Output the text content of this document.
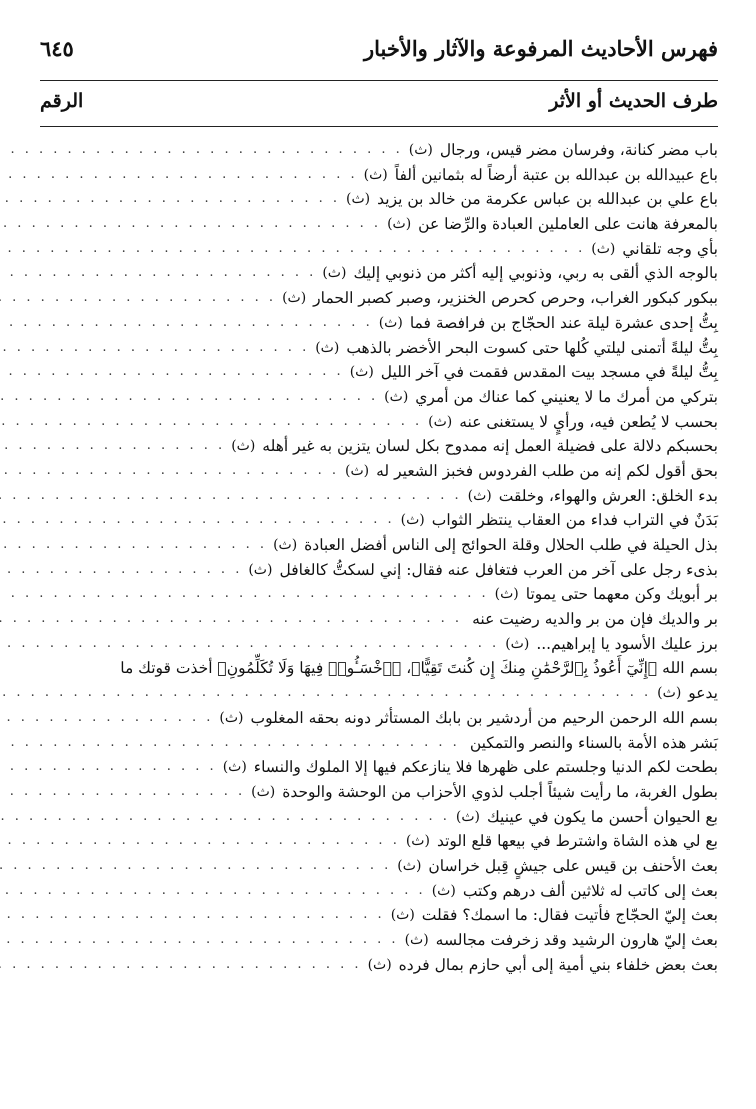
فهرس الأحاديث المرفوعة والآثار والأخبار
٦٤٥
طرف الحديث أو الأثر
الرقم
باب مضر كنانة، وفرسان مضر قيس، ورجال
(ث)
. . .
باع عبيدالله بن عبدالله بن عتبة أرضاً له بثمانين ألفاً
(ث)
. . .
باع علي بن عبدالله بن عباس عكرمة من خالد بن يزيد
(ث)
. . .
بالمعرفة هانت على العاملين العبادة والرِّضا عن
(ث)
. . .
بأي وجه تلقاني
(ث)
. . .
بالوجه الذي ألقى به ربي، وذنوبي إليه أكثر من ذنوبي إليك
(ث)
. . .
ببكور كبكور الغراب، وحرص كحرص الخنزير، وصبر كصبر الحمار
(ث)
. . .
بِتُّ إحدى عشرة ليلة عند الحجّاج بن فرافصة فما
(ث)
. . .
بِتُّ ليلةً أتمنى ليلتي كُلها حتى كسوت البحر الأخضر بالذهب
(ث)
. . .
بِتُّ ليلةً في مسجد بيت المقدس فقمت في آخر الليل
(ث)
. . .
بتركي من أمرك ما لا يعنيني كما عناك من أمري
(ث)
. . .
بحسب لا يُطعن فيه، ورأيٍ لا يستغنى عنه
(ث)
. . .
بحسبكم دلالة على فضيلة العمل إنه ممدوح بكل لسان يتزين به غير أهله
(ث)
. . .
بحق أقول لكم إنه من طلب الفردوس فخبز الشعير له
(ث)
. . .
بدء الخلق: العرش والهواء، وخلقت
(ث)
. . .
بَدَنٌ في التراب فداء من العقاب ينتظر الثواب
(ث)
. . .
بذل الحيلة في طلب الحلال وقلة الحوائج إلى الناس أفضل العبادة
(ث)
. . .
بذىء رجل على آخر من العرب فتغافل عنه فقال: إني لسكتُّ كالغافل
(ث)
. . .
بر أبويك وكن معهما حتى يموتا
(ث)
. . .
بر والديك فإن من بر والديه رضيت عنه
. . .
برز عليك الأسود يا إبراهيم...
(ث)
. . .
بسم الله ﴿إِنِّيٓ أَعُوذُ بِٱلرَّحْمَٰنِ مِنكَ إِن كُنتَ تَقِيًّا﴾، ﴿ٱخْسَـُٔوا۟ فِيهَا وَلَا تُكَلِّمُونِ﴾ أخذت قوتك ما
يدعو
(ث)
. . .
بسم الله الرحمن الرحيم من أردشير بن بابك المستأثر دونه بحقه المغلوب
(ث)
. . .
بَشر هذه الأمة بالسناء والنصر والتمكين
. . .
بطحت لكم الدنيا وجلستم على ظهرها فلا ينازعكم فيها إلا الملوك والنساء
(ث)
. . .
بطول الغربة، ما رأيت شيئاً أجلب لذوي الأحزاب من الوحشة والوحدة
(ث)
. . .
بع الحيوان أحسن ما يكون في عينيك
(ث)
. . .
بع لي هذه الشاة واشترط في بيعها قلع الوتد
(ث)
. . .
بعث الأحنف بن قيس على جيشٍ قِبل خراسان
(ث)
. . .
بعث إلى كاتب له ثلاثين ألف درهم وكتب
(ث)
. . .
بعث إليّ الحجّاج فأتيت فقال: ما اسمك؟ فقلت
(ث)
. . .
بعث إليّ هارون الرشيد وقد زخرفت مجالسه
(ث)
. . .
بعث بعض خلفاء بني أمية إلى أبي حازم بمال فرده
(ث)
. . .
